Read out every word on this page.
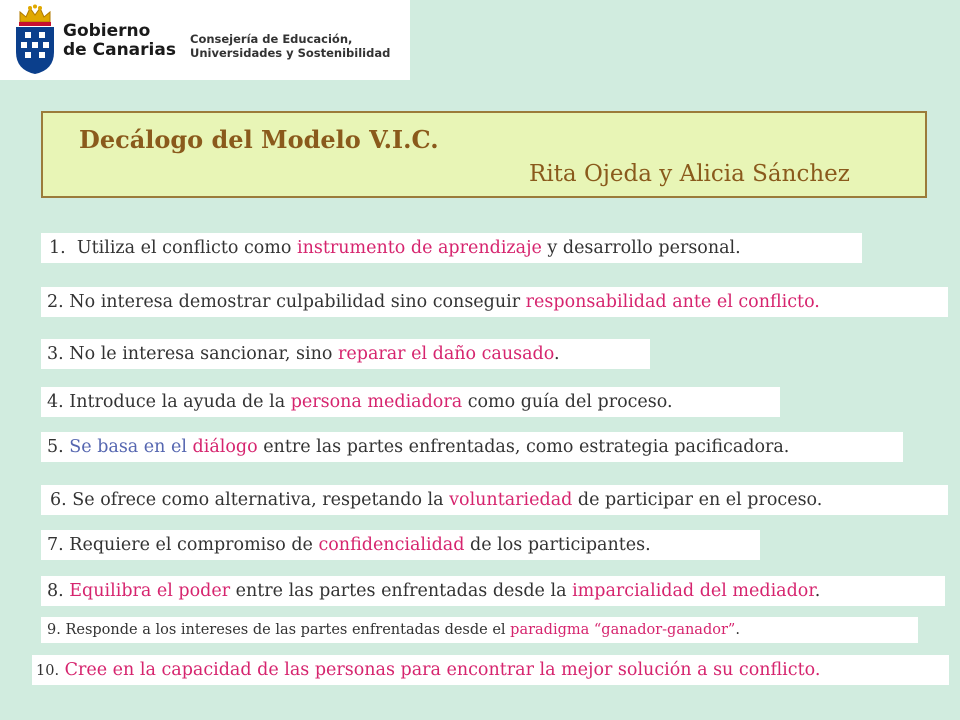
Gobierno
de Canarias
Consejería de Educación,
Universidades y Sostenibilidad
Decálogo del Modelo V.I.C.
Rita Ojeda y Alicia Sánchez
1. Utiliza el conflicto como instrumento de aprendizaje y desarrollo personal.
2. No interesa demostrar culpabilidad sino conseguir responsabilidad ante el conflicto.
3. No le interesa sancionar, sino reparar el daño causado.
4. Introduce la ayuda de la persona mediadora como guía del proceso.
5. Se basa en el diálogo entre las partes enfrentadas, como estrategia pacificadora.
6. Se ofrece como alternativa, respetando la voluntariedad de participar en el proceso.
7. Requiere el compromiso de confidencialidad de los participantes.
8. Equilibra el poder entre las partes enfrentadas desde la imparcialidad del mediador.
9. Responde a los intereses de las partes enfrentadas desde el paradigma “ganador-ganador”.
10. Cree en la capacidad de las personas para encontrar la mejor solución a su conflicto.
